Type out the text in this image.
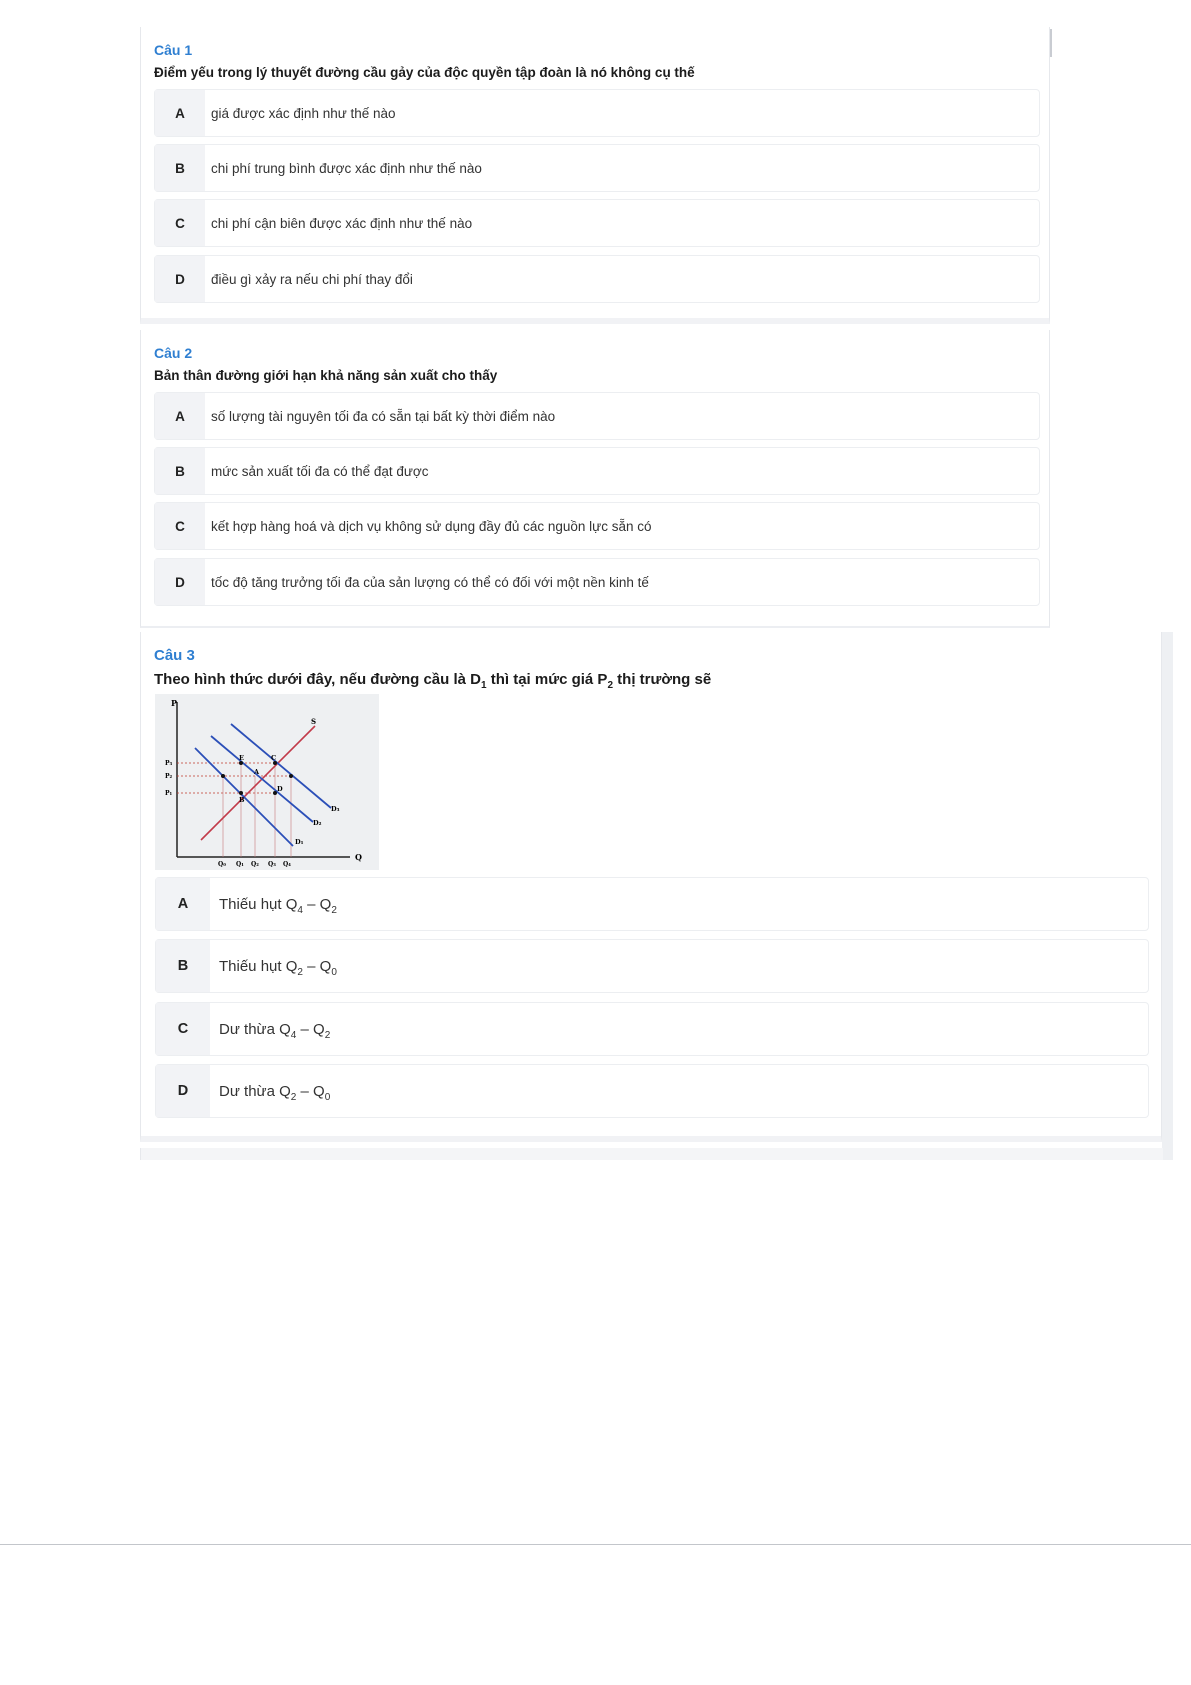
Câu 1
Điểm yếu trong lý thuyết đường cầu gảy của độc quyền tập đoàn là nó không cụ thế
A	giá được xác định như thế nào
B	chi phí trung bình được xác định như thế nào
C	chi phí cận biên được xác định như thế nào
D	điều gì xảy ra nếu chi phí thay đổi
Câu 2
Bản thân đường giới hạn khả năng sản xuất cho thấy
A	số lượng tài nguyên tối đa có sẵn tại bất kỳ thời điểm nào
B	mức sản xuất tối đa có thể đạt được
C	kết hợp hàng hoá và dịch vụ không sử dụng đầy đủ các nguồn lực sẵn có
D	tốc độ tăng trưởng tối đa của sản lượng có thể có đối với một nền kinh tế
Câu 3
Theo hình thức dưới đây, nếu đường cầu là $D_1$ thì tại mức giá $P_2$ thị trường sẽ
P
Q
S
D₁
D₂
D₃
E	C
A
D
B
P₃
P₂
P₁
Q₀ Q₁ Q₂ Q₃ Q₄
A	Thiếu hụt $Q_4 - Q_2$
B	Thiếu hụt $Q_2 - Q_0$
C	Dư thừa $Q_4 - Q_2$
D	Dư thừa $Q_2 - Q_0$
